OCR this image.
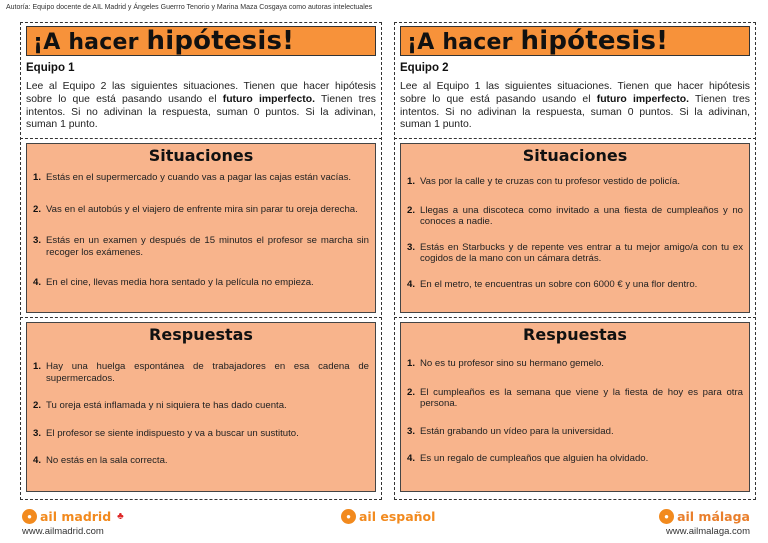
Autoría: Equipo docente de AIL Madrid y Ángeles Guerrro Tenorio y Marina Maza Cosgaya como autoras intelectuales
¡A hacer hipótesis!
Equipo 1
Lee al Equipo 2 las siguientes situaciones. Tienen que hacer hipótesis sobre lo que está pasando usando el futuro imperfecto. Tienen tres intentos. Si no adivinan la respuesta, suman 0 puntos. Si la adivinan, suman 1 punto.
Situaciones
1. Estás en el supermercado y cuando vas a pagar las cajas están vacías.
2. Vas en el autobús y el viajero de enfrente mira sin parar tu oreja derecha.
3. Estás en un examen y después de 15 minutos el profesor se marcha sin recoger los exámenes.
4. En el cine, llevas media hora sentado y la película no empieza.
Respuestas
1. Hay una huelga espontánea de trabajadores en esa cadena de supermercados.
2. Tu oreja está inflamada y ni siquiera te has dado cuenta.
3. El profesor se siente indispuesto y va a buscar un sustituto.
4. No estás en la sala correcta.
¡A hacer hipótesis!
Equipo 2
Lee al Equipo 1 las siguientes situaciones. Tienen que hacer hipótesis sobre lo que está pasando usando el futuro imperfecto. Tienen tres intentos. Si no adivinan la respuesta, suman 0 puntos. Si la adivinan, suman 1 punto.
Situaciones
1. Vas por la calle y te cruzas con tu profesor vestido de policía.
2. Llegas a una discoteca como invitado a una fiesta de cumpleaños y no conoces a nadie.
3. Estás en Starbucks y de repente ves entrar a tu mejor amigo/a con tu ex cogidos de la mano con un cámara detrás.
4. En el metro, te encuentras un sobre con 6000 € y una flor dentro.
Respuestas
1. No es tu profesor sino su hermano gemelo.
2. El cumpleaños es la semana que viene y la fiesta de hoy es para otra persona.
3. Están grabando un vídeo para la universidad.
4. Es un regalo de cumpleaños que alguien ha olvidado.
● ail madrid ♣
www.ailmadrid.com
● ail español	● ail málaga
www.ailmalaga.com
